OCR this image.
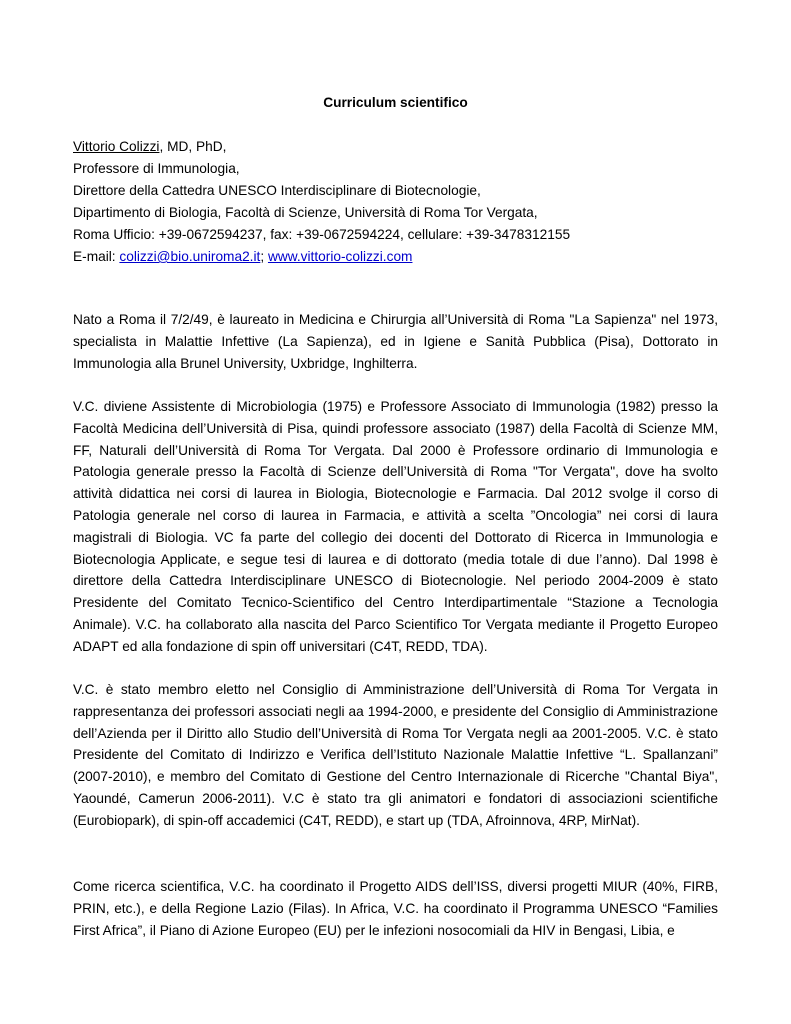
Curriculum scientifico
Vittorio Colizzi, MD, PhD,
Professore di Immunologia,
Direttore della Cattedra UNESCO Interdisciplinare di Biotecnologie,
Dipartimento di Biologia, Facoltà di Scienze, Università di Roma Tor Vergata,
Roma Ufficio: +39-0672594237, fax: +39-0672594224, cellulare: +39-3478312155
E-mail: colizzi@bio.uniroma2.it; www.vittorio-colizzi.com

Nato a Roma il 7/2/49, è laureato in Medicina e Chirurgia all’Università di Roma "La Sapienza" nel 1973, specialista in Malattie Infettive (La Sapienza), ed in Igiene e Sanità Pubblica (Pisa), Dottorato in Immunologia alla Brunel University, Uxbridge, Inghilterra.

V.C. diviene Assistente di Microbiologia (1975) e Professore Associato di Immunologia (1982) presso la Facoltà Medicina dell’Università di Pisa, quindi professore associato (1987) della Facoltà di Scienze MM, FF, Naturali dell’Università di Roma Tor Vergata. Dal 2000 è Professore ordinario di Immunologia e Patologia generale presso la Facoltà di Scienze dell’Università di Roma "Tor Vergata", dove ha svolto attività didattica nei corsi di laurea in Biologia, Biotecnologie e Farmacia. Dal 2012 svolge il corso di Patologia generale nel corso di laurea in Farmacia, e attività a scelta ”Oncologia” nei corsi di laura magistrali di Biologia. VC fa parte del collegio dei docenti del Dottorato di Ricerca in Immunologia e Biotecnologia Applicate, e segue tesi di laurea e di dottorato (media totale di due l’anno). Dal 1998 è direttore della Cattedra Interdisciplinare UNESCO di Biotecnologie. Nel periodo 2004-2009 è stato Presidente del Comitato Tecnico-Scientifico del Centro Interdipartimentale “Stazione a Tecnologia Animale). V.C. ha collaborato alla nascita del Parco Scientifico Tor Vergata mediante il Progetto Europeo ADAPT ed alla fondazione di spin off universitari (C4T, REDD, TDA).

V.C. è stato membro eletto nel Consiglio di Amministrazione dell’Università di Roma Tor Vergata in rappresentanza dei professori associati negli aa 1994-2000, e presidente del Consiglio di Amministrazione dell’Azienda per il Diritto allo Studio dell’Università di Roma Tor Vergata negli aa 2001-2005. V.C. è stato Presidente del Comitato di Indirizzo e Verifica dell’Istituto Nazionale Malattie Infettive “L. Spallanzani” (2007-2010), e membro del Comitato di Gestione del Centro Internazionale di Ricerche "Chantal Biya", Yaoundé, Camerun 2006-2011). V.C è stato tra gli animatori e fondatori di associazioni scientifiche (Eurobiopark), di spin-off accademici (C4T, REDD), e start up (TDA, Afroinnova, 4RP, MirNat).

Come ricerca scientifica, V.C. ha coordinato il Progetto AIDS dell’ISS, diversi progetti MIUR (40%, FIRB, PRIN, etc.), e della Regione Lazio (Filas). In Africa, V.C. ha coordinato il Programma UNESCO “Families First Africa”, il Piano di Azione Europeo (EU) per le infezioni nosocomiali da HIV in Bengasi, Libia, e
